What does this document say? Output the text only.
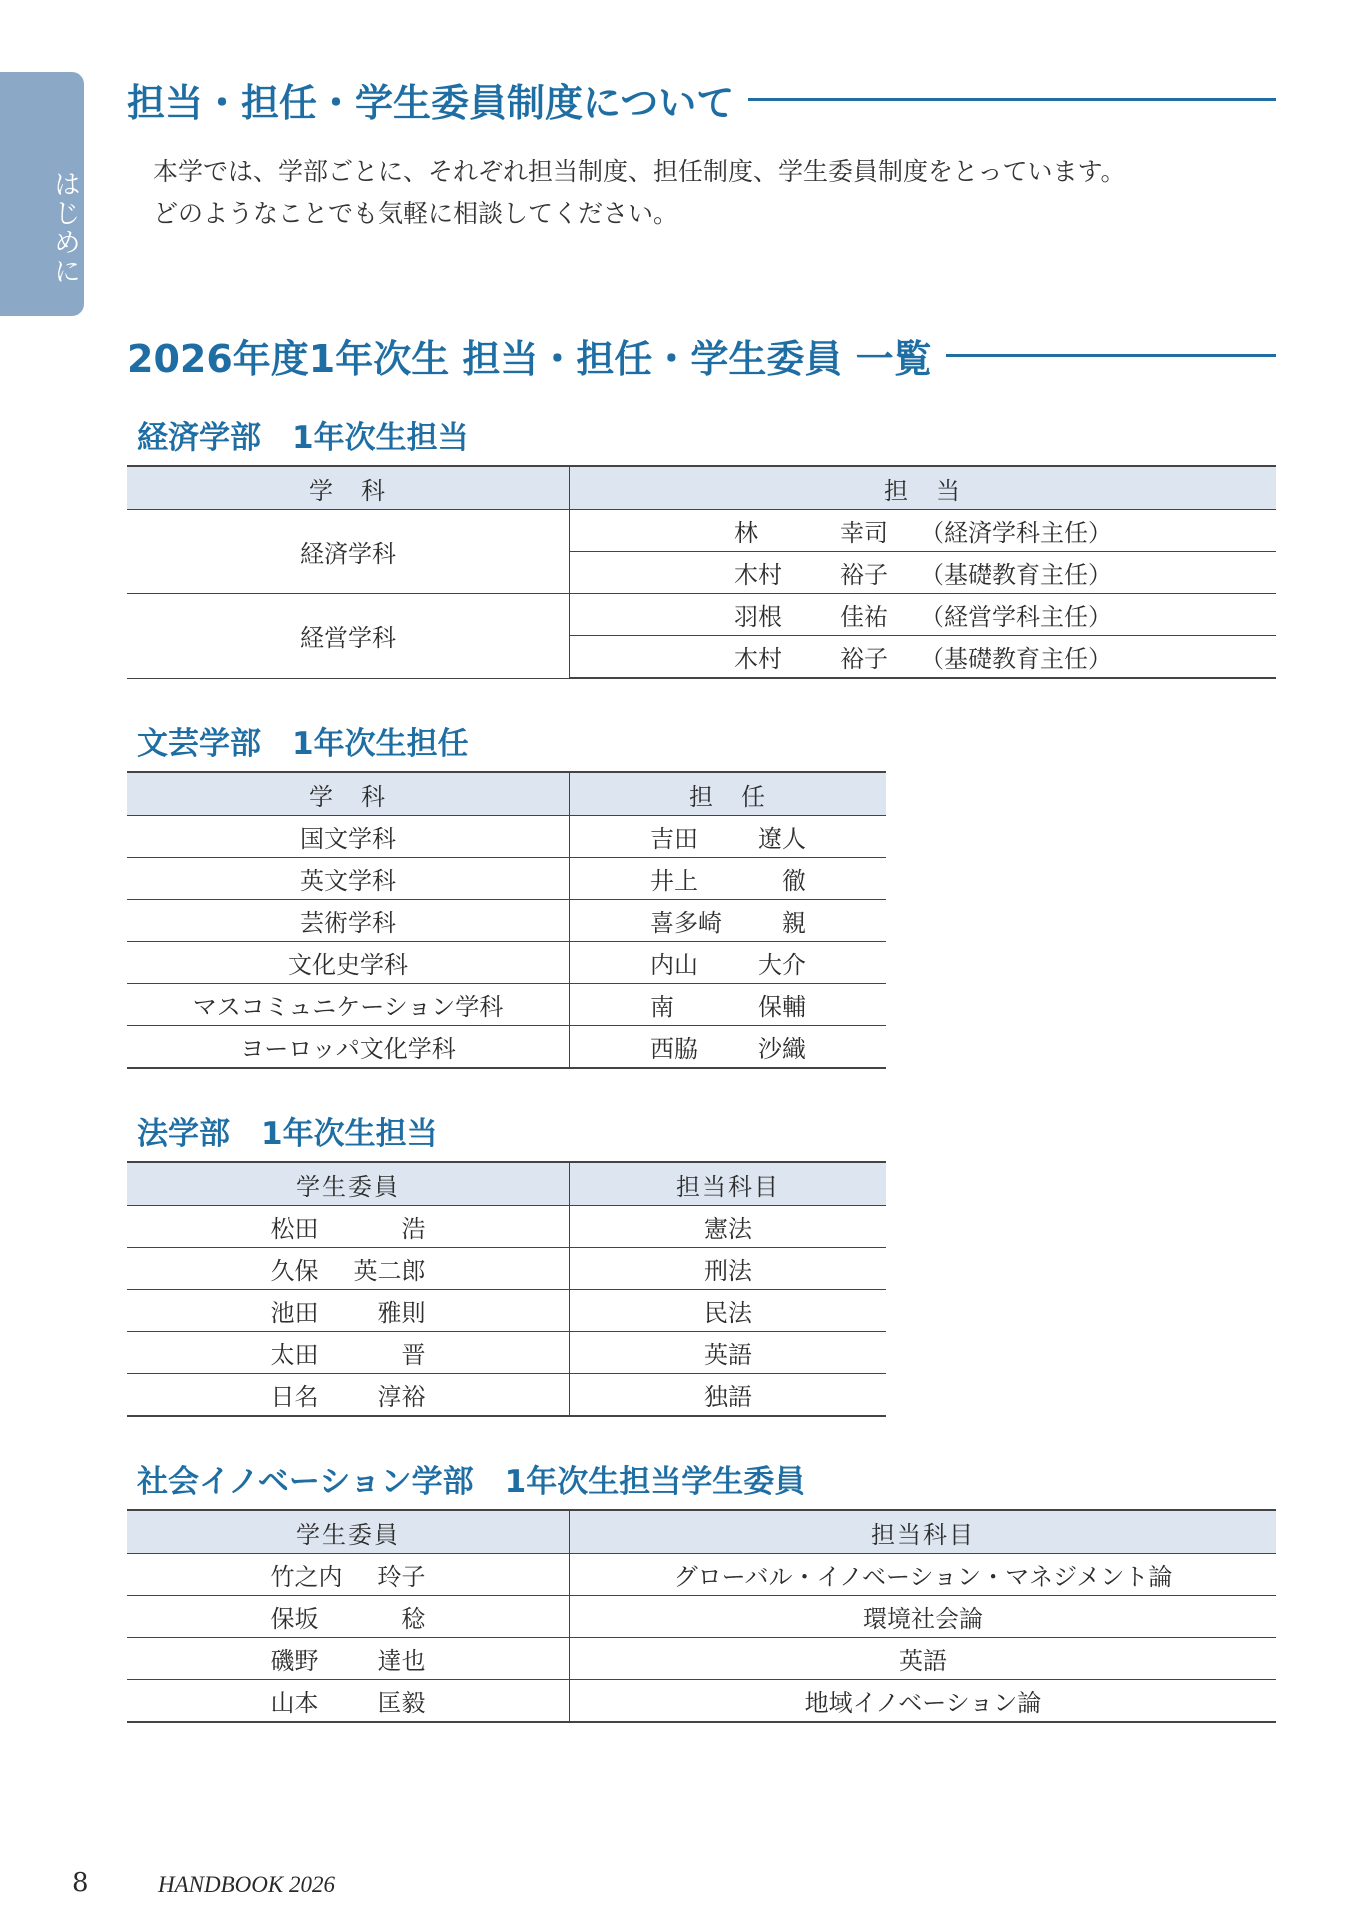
はじめに
担当・担任・学生委員制度について
本学では、学部ごとに、それぞれ担当制度、担任制度、学生委員制度をとっています。
どのようなことでも気軽に相談してください。
2026年度1年次生 担当・担任・学生委員 一覧
経済学部　1年次生担当
学　科	担　当
経済学科	林 幸司 （経済学科主任）

	木村 裕子 （基礎教育主任）

経営学科	羽根 佳祐 （経営学科主任）

	木村 裕子 （基礎教育主任）
文芸学部　1年次生担任
学　科	担　任
国文学科	吉田 遼人

英文学科	井上 徹

芸術学科	喜多崎 親

文化史学科	内山 大介

マスコミュニケーション学科	南 保輔

ヨーロッパ文化学科	西脇 沙織
法学部　1年次生担当
学生委員	担当科目

松田 浩	憲法

久保 英二郎	刑法

池田 雅則	民法

太田 晋	英語

日名 淳裕	独語
社会イノベーション学部　1年次生担当学生委員
学生委員	担当科目

竹之内 玲子	グローバル・イノベーション・マネジメント論

保坂 稔	環境社会論

磯野 達也	英語

山本 匡毅	地域イノベーション論
8	HANDBOOK 2026
